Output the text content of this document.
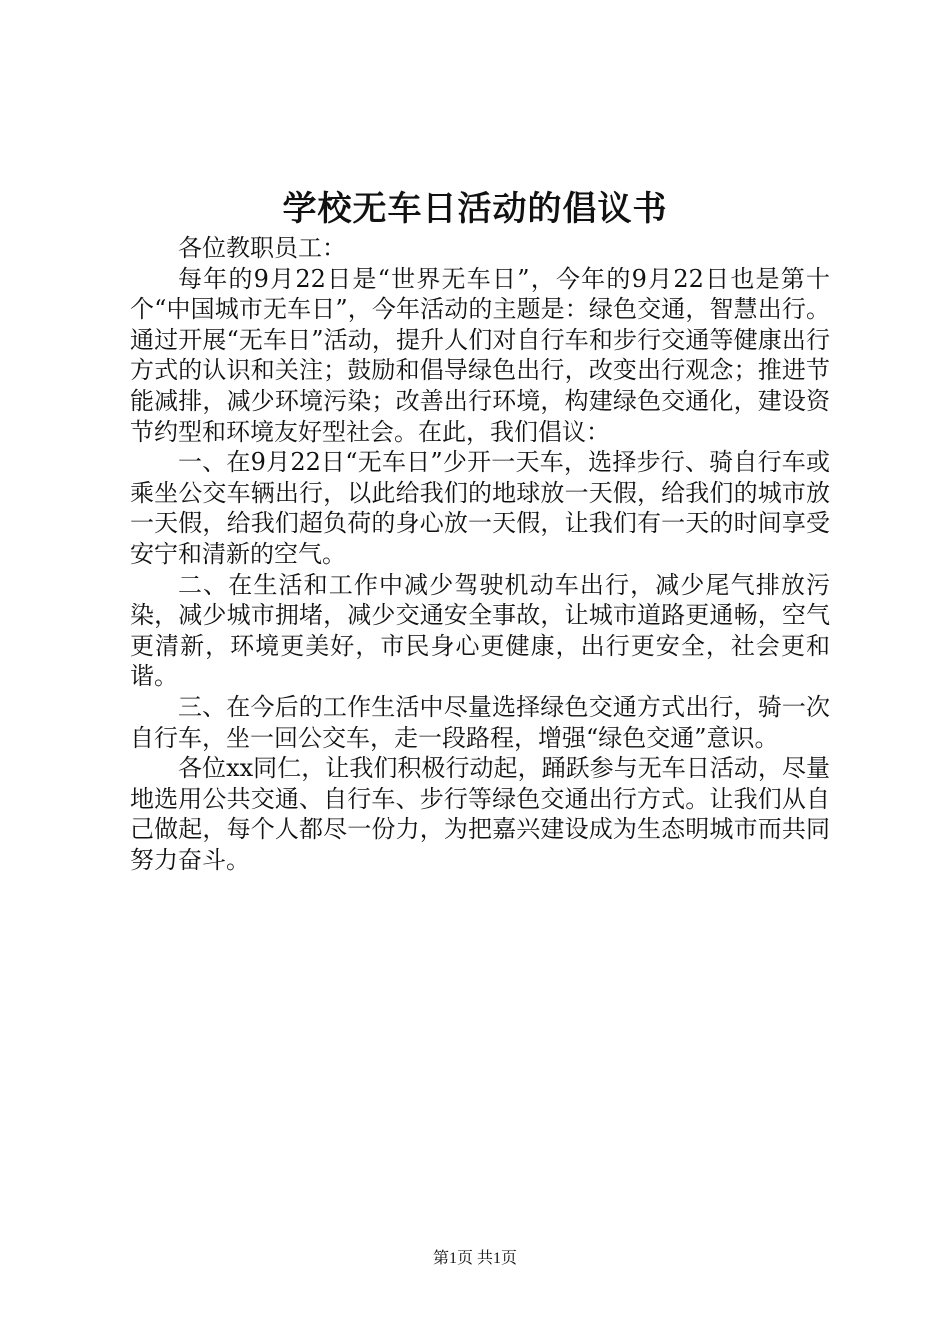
学校无车日活动的倡议书

各位教职员工：

每年的9月22日是“世界无车日”，今年的9月22日也是第十个“中国城市无车日”，今年活动的主题是：绿色交通，智慧出行。通过开展“无车日”活动，提升人们对自行车和步行交通等健康出行方式的认识和关注；鼓励和倡导绿色出行，改变出行观念；推进节能减排，减少环境污染；改善出行环境，构建绿色交通化，建设资节约型和环境友好型社会。在此，我们倡议：

一、在9月22日“无车日”少开一天车，选择步行、骑自行车或乘坐公交车辆出行，以此给我们的地球放一天假，给我们的城市放一天假，给我们超负荷的身心放一天假，让我们有一天的时间享受安宁和清新的空气。

二、在生活和工作中减少驾驶机动车出行，减少尾气排放污染，减少城市拥堵，减少交通安全事故，让城市道路更通畅，空气更清新，环境更美好，市民身心更健康，出行更安全，社会更和谐。

三、在今后的工作生活中尽量选择绿色交通方式出行，骑一次自行车，坐一回公交车，走一段路程，增强“绿色交通”意识。

各位xx同仁，让我们积极行动起，踊跃参与无车日活动，尽量地选用公共交通、自行车、步行等绿色交通出行方式。让我们从自己做起，每个人都尽一份力，为把嘉兴建设成为生态明城市而共同努力奋斗。

第1页 共1页
